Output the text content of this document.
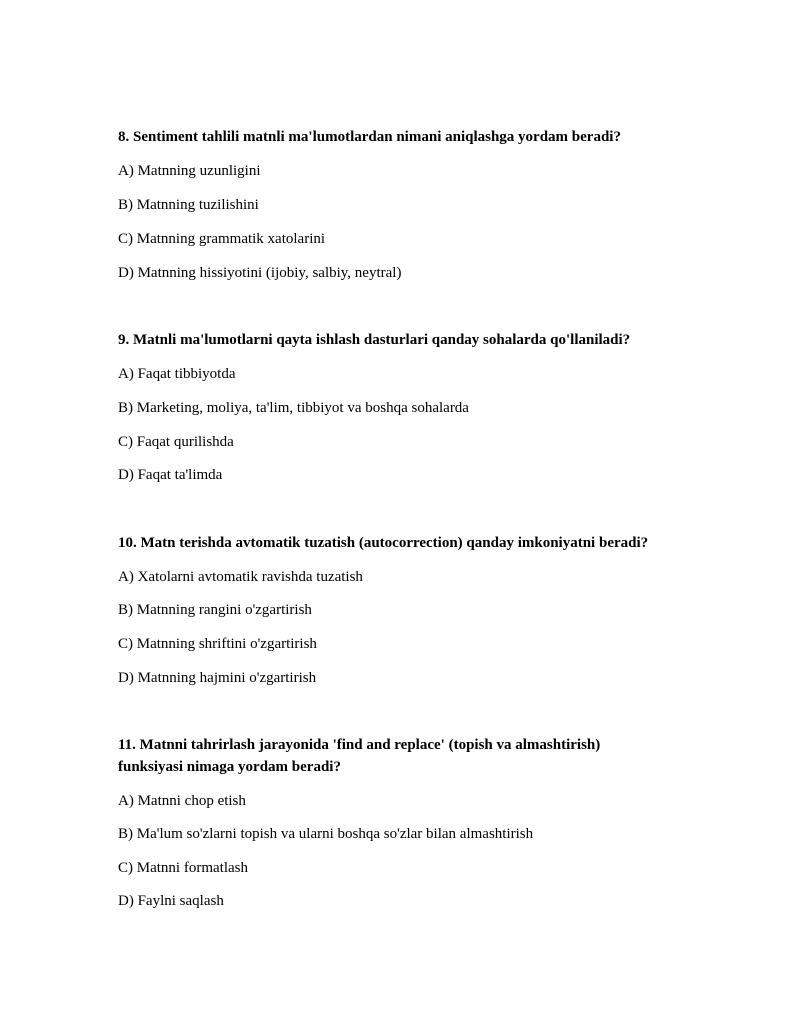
8. Sentiment tahlili matnli ma'lumotlardan nimani aniqlashga yordam beradi?

A) Matnning uzunligini

B) Matnning tuzilishini

C) Matnning grammatik xatolarini

D) Matnning hissiyotini (ijobiy, salbiy, neytral)

9. Matnli ma'lumotlarni qayta ishlash dasturlari qanday sohalarda qo'llaniladi?

A) Faqat tibbiyotda

B) Marketing, moliya, ta'lim, tibbiyot va boshqa sohalarda

C) Faqat qurilishda

D) Faqat ta'limda

10. Matn terishda avtomatik tuzatish (autocorrection) qanday imkoniyatni beradi?

A) Xatolarni avtomatik ravishda tuzatish

B) Matnning rangini o'zgartirish

C) Matnning shriftini o'zgartirish

D) Matnning hajmini o'zgartirish

11. Matnni tahrirlash jarayonida 'find and replace' (topish va almashtirish)

funksiyasi nimaga yordam beradi?

A) Matnni chop etish

B) Ma'lum so'zlarni topish va ularni boshqa so'zlar bilan almashtirish

C) Matnni formatlash

D) Faylni saqlash
